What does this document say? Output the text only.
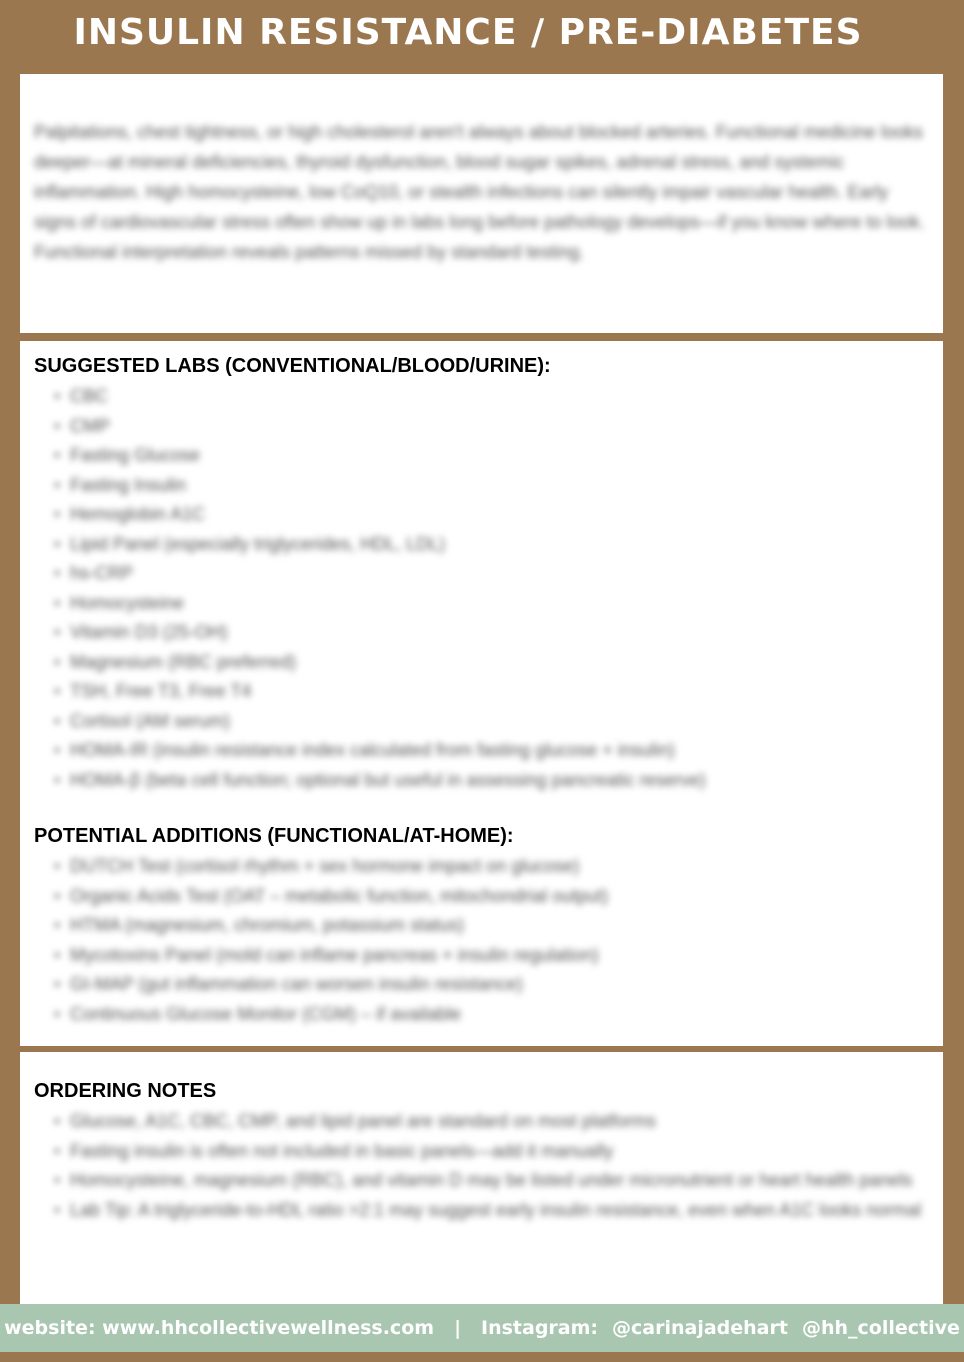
INSULIN RESISTANCE / PRE-DIABETES

Palpitations, chest tightness, or high cholesterol aren't always about blocked arteries. Functional medicine looks deeper—at mineral deficiencies, thyroid dysfunction, blood sugar spikes, adrenal stress, and systemic inflammation. High homocysteine, low CoQ10, or stealth infections can silently impair vascular health. Early signs of cardiovascular stress often show up in labs long before pathology develops—if you know where to look. Functional interpretation reveals patterns missed by standard testing.

SUGGESTED LABS (CONVENTIONAL/BLOOD/URINE):
• CBC
• CMP
• Fasting Glucose
• Fasting Insulin
• Hemoglobin A1C
• Lipid Panel (especially triglycerides, HDL, LDL)
• hs-CRP
• Homocysteine
• Vitamin D3 (25-OH)
• Magnesium (RBC preferred)
• TSH, Free T3, Free T4
• Cortisol (AM serum)
• HOMA-IR (insulin resistance index calculated from fasting glucose + insulin)
• HOMA-β (beta cell function; optional but useful in assessing pancreatic reserve)
POTENTIAL ADDITIONS (FUNCTIONAL/AT-HOME):
• DUTCH Test (cortisol rhythm + sex hormone impact on glucose)
• Organic Acids Test (OAT – metabolic function, mitochondrial output)
• HTMA (magnesium, chromium, potassium status)
• Mycotoxins Panel (mold can inflame pancreas + insulin regulation)
• GI-MAP (gut inflammation can worsen insulin resistance)
• Continuous Glucose Monitor (CGM) – if available
ORDERING NOTES
• Glucose, A1C, CBC, CMP, and lipid panel are standard on most platforms
• Fasting insulin is often not included in basic panels—add it manually
• Homocysteine, magnesium (RBC), and vitamin D may be listed under micronutrient or heart health panels
• Lab Tip: A triglyceride-to-HDL ratio >2:1 may suggest early insulin resistance, even when A1C looks normal
website: www.hhcollectivewellness.com | Instagram: @carinajadehart @hh_collective
